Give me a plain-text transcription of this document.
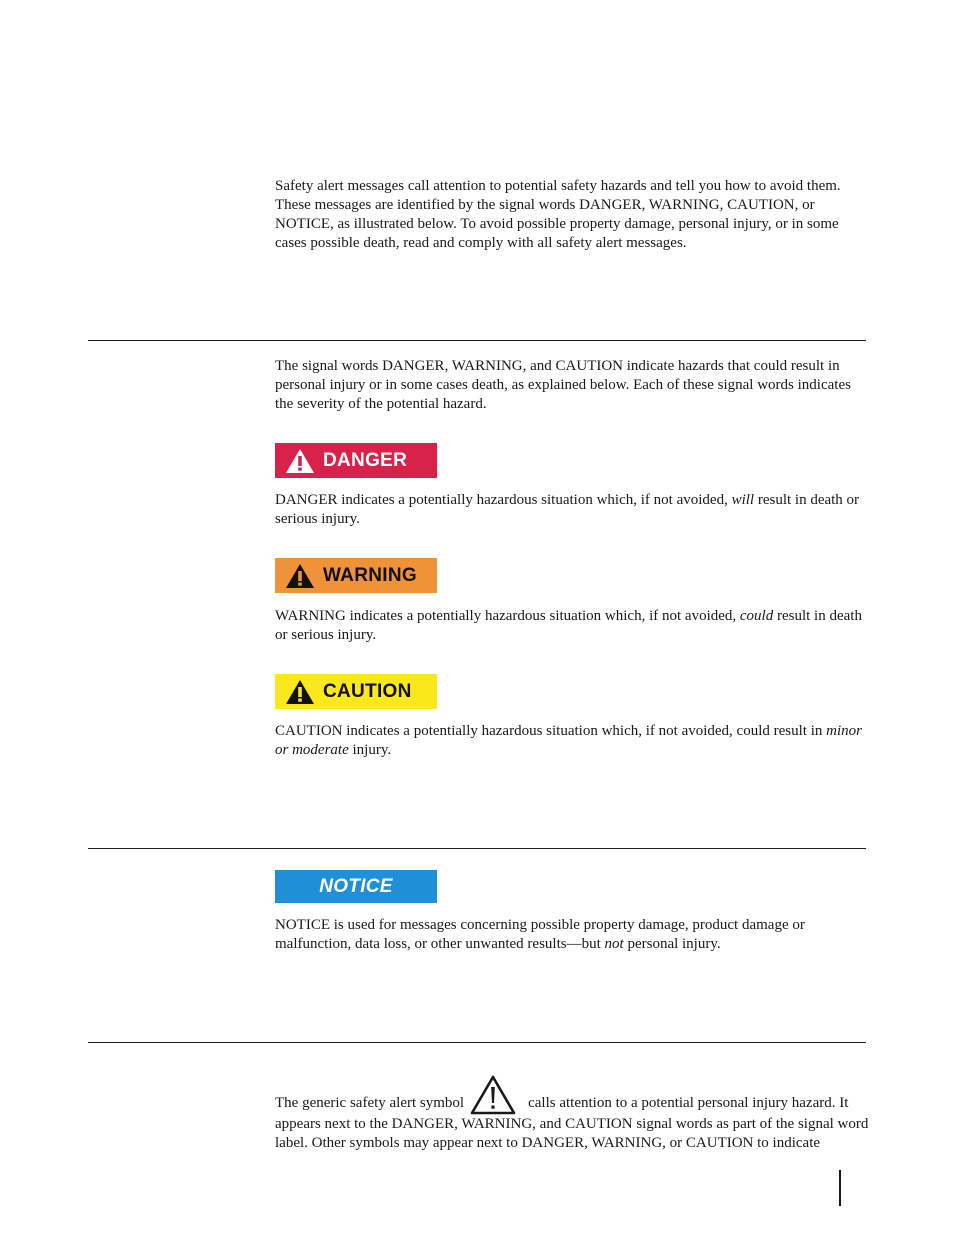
Safety alert messages call attention to potential safety hazards and tell you how to avoid them. These messages are identified by the signal words DANGER, WARNING, CAUTION, or NOTICE, as illustrated below. To avoid possible property damage, personal injury, or in some cases possible death, read and comply with all safety alert messages.

The signal words DANGER, WARNING, and CAUTION indicate hazards that could result in personal injury or in some cases death, as explained below. Each of these signal words indicates the severity of the potential hazard.

DANGER

DANGER indicates a potentially hazardous situation which, if not avoided, will result in death or serious injury.

WARNING

WARNING indicates a potentially hazardous situation which, if not avoided, could result in death or serious injury.

CAUTION

CAUTION indicates a potentially hazardous situation which, if not avoided, could result in minor or moderate injury.

NOTICE

NOTICE is used for messages concerning possible property damage, product damage or malfunction, data loss, or other unwanted results—but not personal injury.

The generic safety alert symbol	calls attention to a potential personal injury hazard. It appears next to the DANGER, WARNING, and CAUTION signal words as part of the signal word label. Other symbols may appear next to DANGER, WARNING, or CAUTION to indicate
